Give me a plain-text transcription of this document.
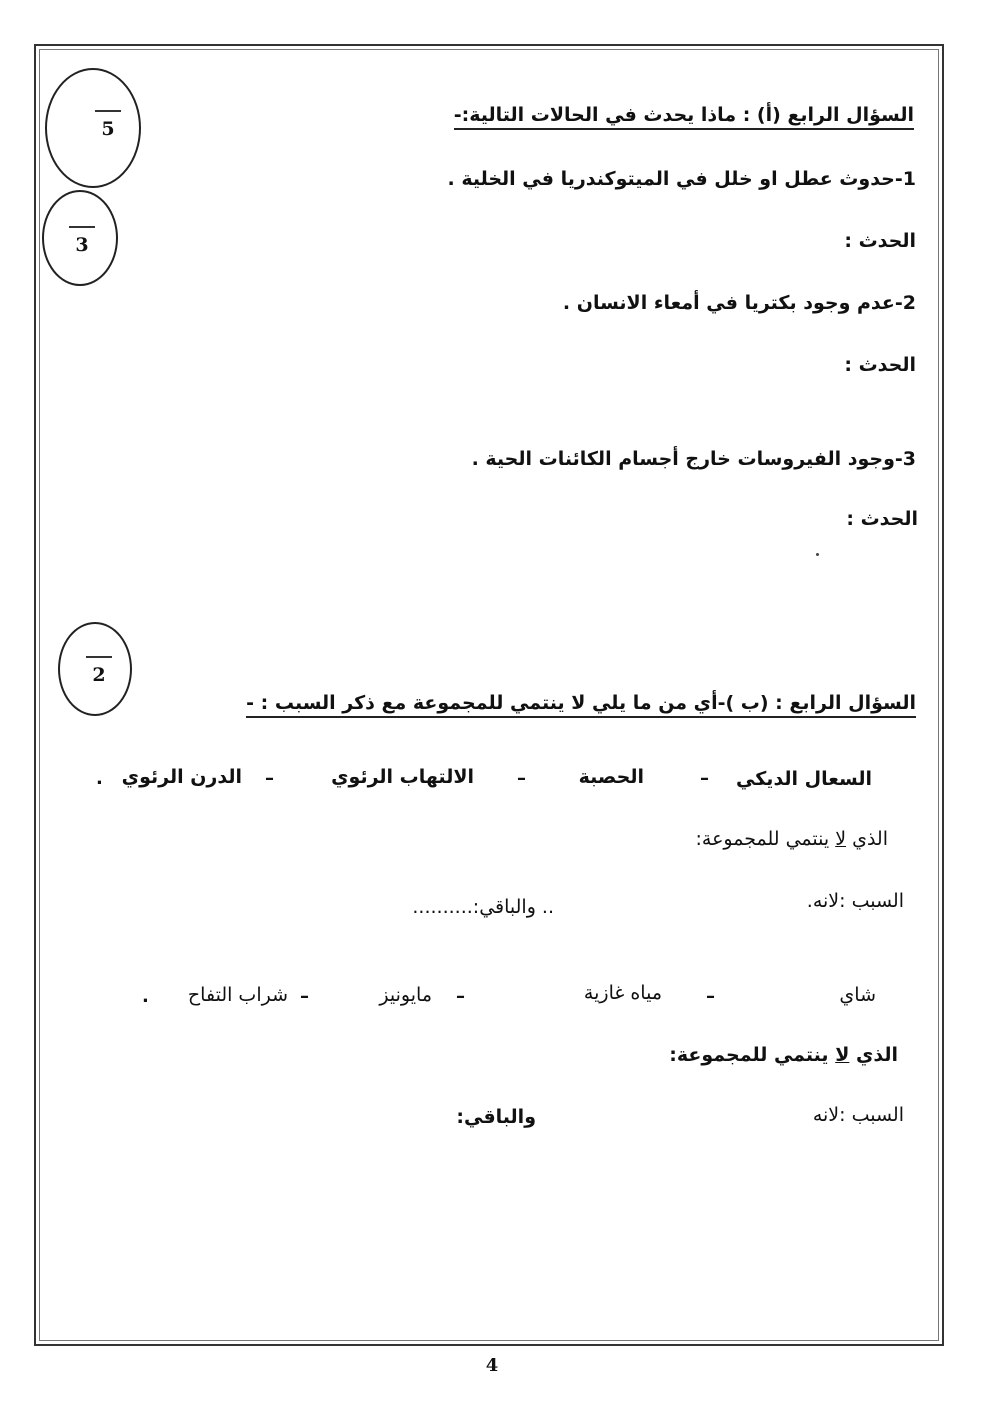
5
3
2
السؤال الرابع (أ) : ماذا يحدث في الحالات التالية:-
1-حدوث عطل او خلل في الميتوكندريا في الخلية .
الحدث :
2-عدم وجود بكتريا في أمعاء الانسان .
الحدث :
3-وجود الفيروسات خارج أجسام الكائنات الحية .
الحدث :
السؤال الرابع : (ب )-أي من ما يلي لا ينتمي للمجموعة مع ذكر السبب : -
السعال الديكي
–
الحصبة
–
الالتهاب الرئوي
–
الدرن الرئوي
.
الذي لا ينتمي للمجموعة:
السبب :لانه.
.. والباقي:..........
شاي
–
مياه غازية
–
مايونيز
–
شراب التفاح
.
الذي لا ينتمي للمجموعة:
السبب :لانه
والباقي:
4
